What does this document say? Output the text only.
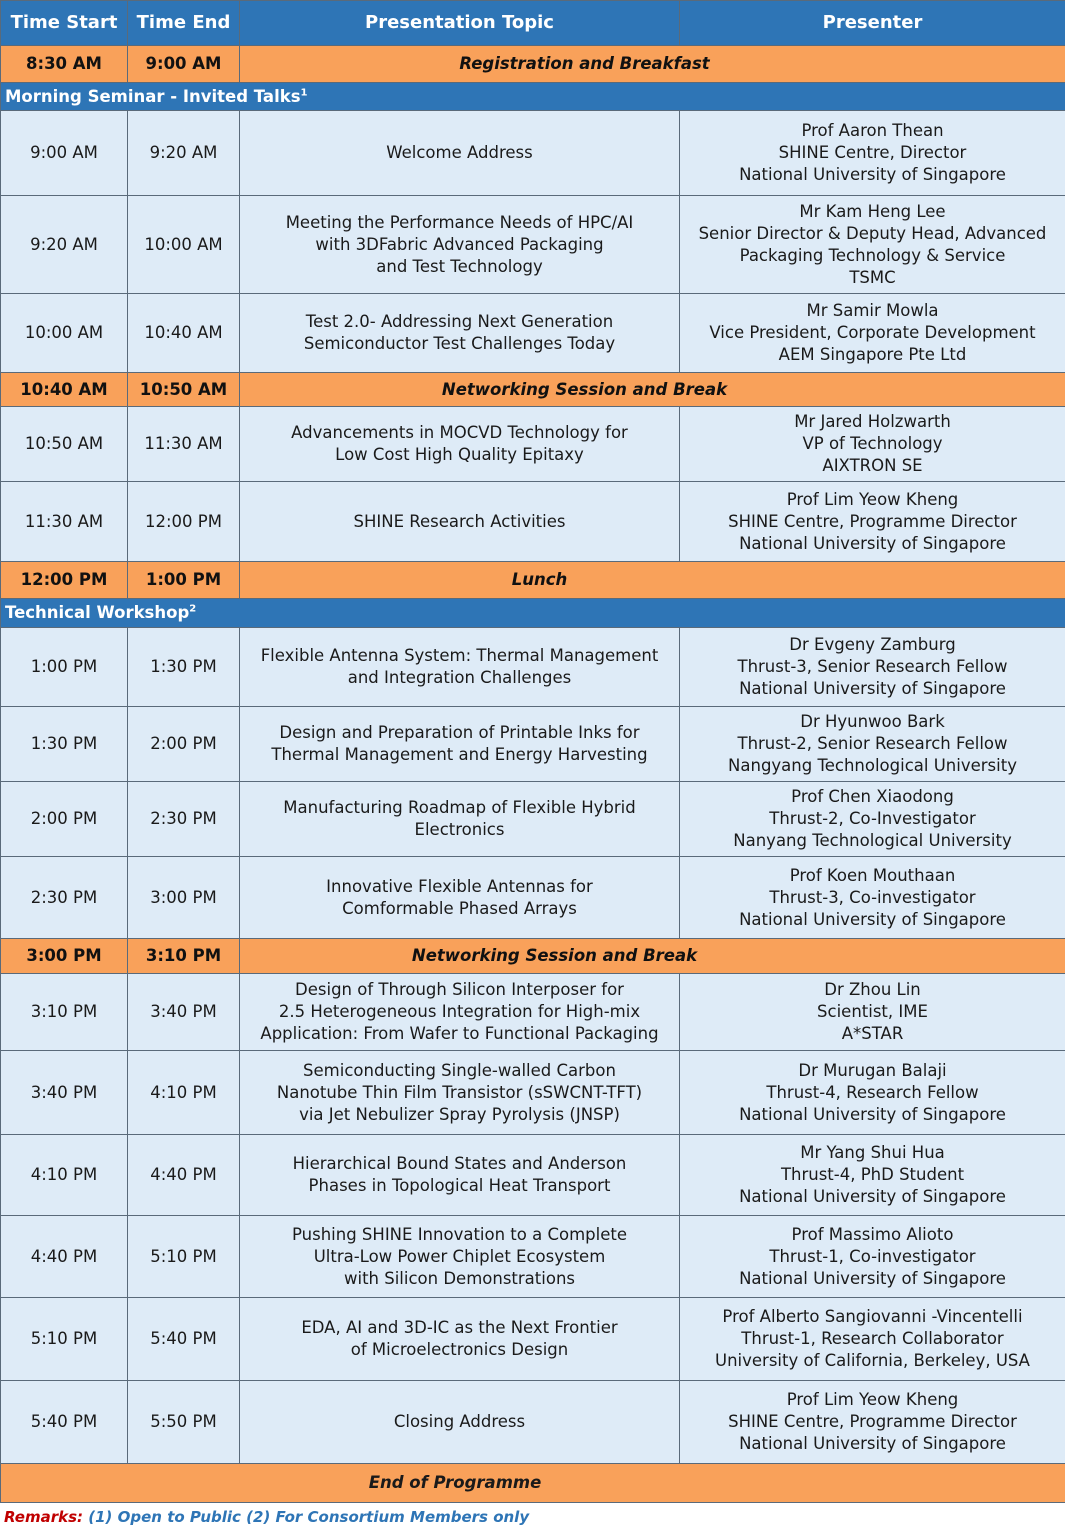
Time Start	Time End	Presentation Topic	Presenter
8:30 AM	9:00 AM	Registration and Breakfast	
Morning Seminar - Invited Talks$^1$
9:00 AM	9:20 AM	Welcome Address	Prof Aaron Thean
SHINE Centre, Director
National University of Singapore
9:20 AM	10:00 AM	Meeting the Performance Needs of HPC/AI
with 3DFabric Advanced Packaging
and Test Technology	Mr Kam Heng Lee
Senior Director & Deputy Head, Advanced
Packaging Technology & Service
TSMC
10:00 AM	10:40 AM	Test 2.0- Addressing Next Generation
Semiconductor Test Challenges Today	Mr Samir Mowla
Vice President, Corporate Development
AEM Singapore Pte Ltd
10:40 AM	10:50 AM	Networking Session and Break	
10:50 AM	11:30 AM	Advancements in MOCVD Technology for
Low Cost High Quality Epitaxy	Mr Jared Holzwarth
VP of Technology
AIXTRON SE
11:30 AM	12:00 PM	SHINE Research Activities	Prof Lim Yeow Kheng
SHINE Centre, Programme Director
National University of Singapore
12:00 PM	1:00 PM	Lunch	
Technical Workshop$^2$
1:00 PM	1:30 PM	Flexible Antenna System: Thermal Management
and Integration Challenges	Dr Evgeny Zamburg
Thrust-3, Senior Research Fellow
National University of Singapore
1:30 PM	2:00 PM	Design and Preparation of Printable Inks for
Thermal Management and Energy Harvesting	Dr Hyunwoo Bark
Thrust-2, Senior Research Fellow
Nangyang Technological University
2:00 PM	2:30 PM	Manufacturing Roadmap of Flexible Hybrid
Electronics	Prof Chen Xiaodong
Thrust-2, Co-Investigator
Nanyang Technological University
2:30 PM	3:00 PM	Innovative Flexible Antennas for
Comformable Phased Arrays	Prof Koen Mouthaan
Thrust-3, Co-investigator
National University of Singapore
3:00 PM	3:10 PM	Networking Session and Break	
3:10 PM	3:40 PM	Design of Through Silicon Interposer for
2.5 Heterogeneous Integration for High-mix
Application: From Wafer to Functional Packaging	Dr Zhou Lin
Scientist, IME
A*STAR
3:40 PM	4:10 PM	Semiconducting Single-walled Carbon
Nanotube Thin Film Transistor (sSWCNT-TFT)
via Jet Nebulizer Spray Pyrolysis (JNSP)	Dr Murugan Balaji
Thrust-4, Research Fellow
National University of Singapore
4:10 PM	4:40 PM	Hierarchical Bound States and Anderson
Phases in Topological Heat Transport	Mr Yang Shui Hua
Thrust-4, PhD Student
National University of Singapore
4:40 PM	5:10 PM	Pushing SHINE Innovation to a Complete
Ultra-Low Power Chiplet Ecosystem
with Silicon Demonstrations	Prof Massimo Alioto
Thrust-1, Co-investigator
National University of Singapore
5:10 PM	5:40 PM	EDA, AI and 3D-IC as the Next Frontier
of Microelectronics Design	Prof Alberto Sangiovanni -Vincentelli
Thrust-1, Research Collaborator
University of California, Berkeley, USA
5:40 PM	5:50 PM	Closing Address	Prof Lim Yeow Kheng
SHINE Centre, Programme Director
National University of Singapore
End of Programme			
Remarks: (1) Open to Public (2) For Consortium Members only
